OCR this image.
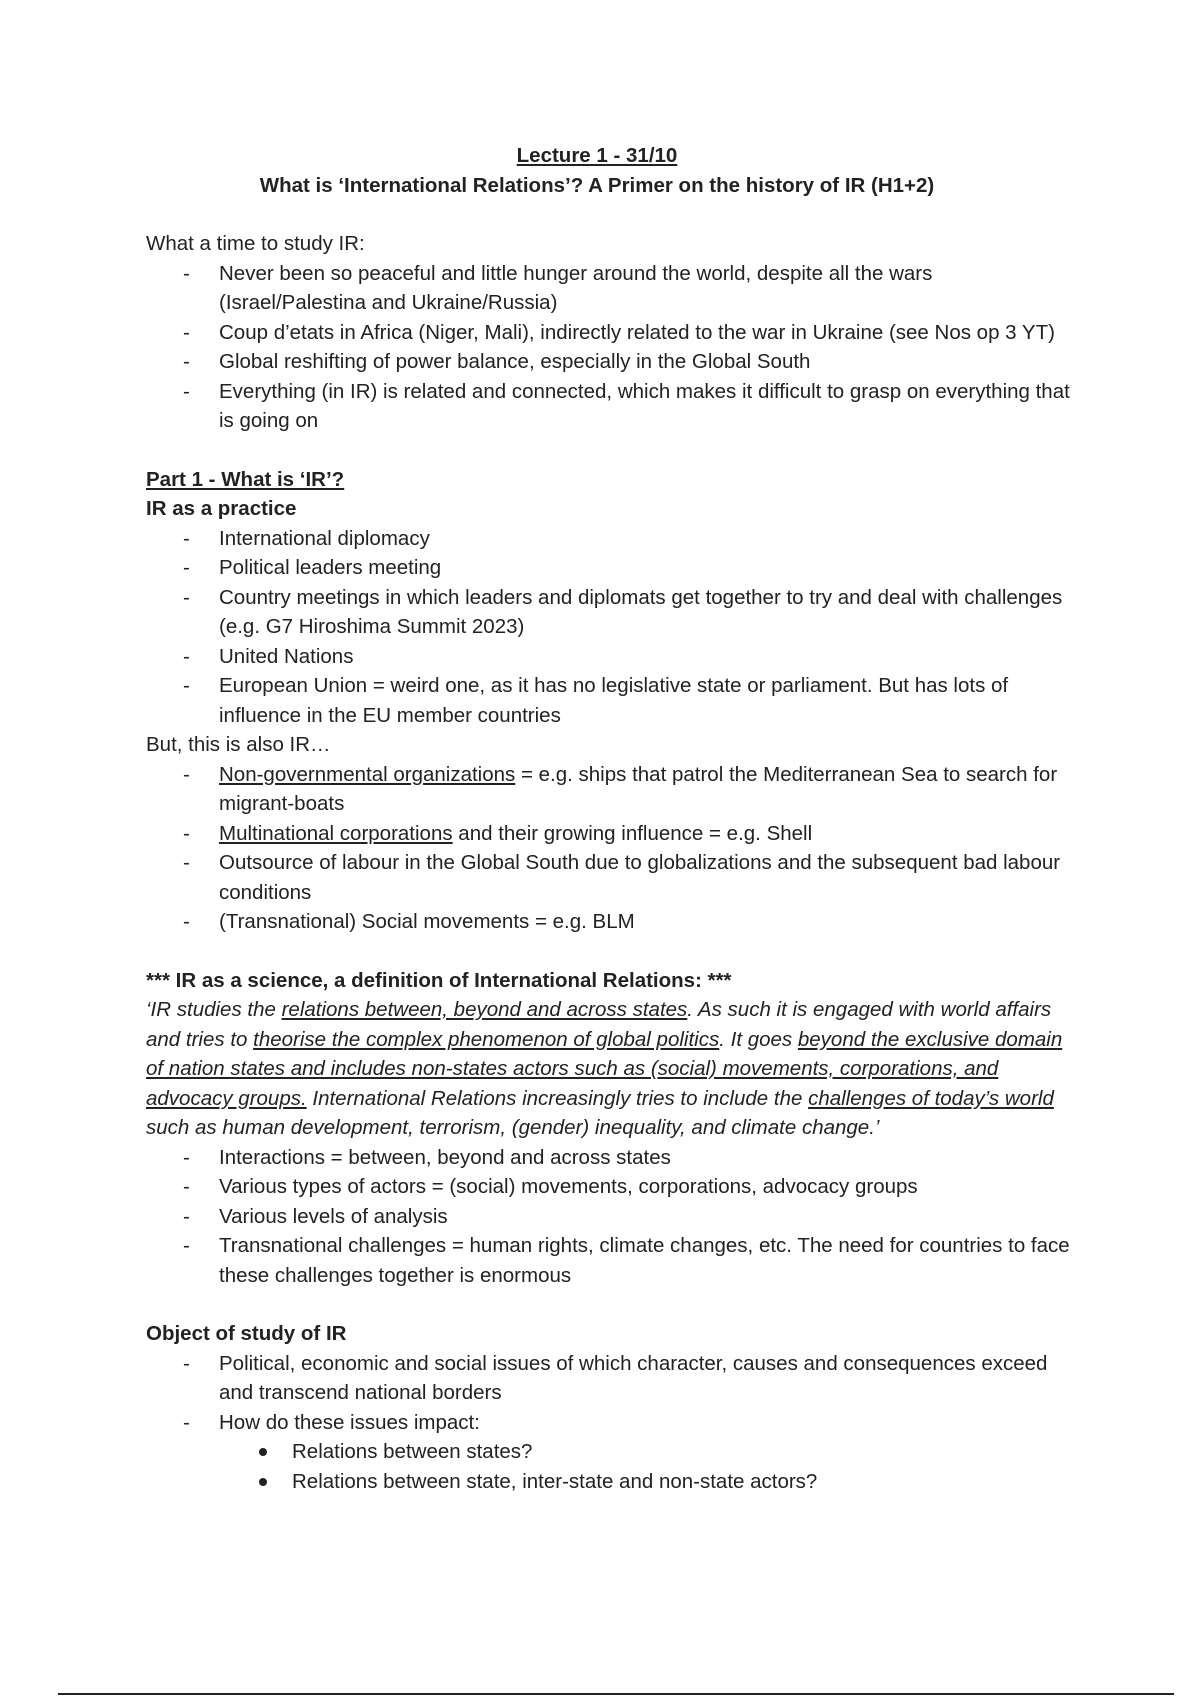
Lecture 1 - 31/10
What is ‘International Relations’? A Primer on the history of IR (H1+2)

What a time to study IR:

- Never been so peaceful and little hunger around the world, despite all the wars (Israel/Palestina and Ukraine/Russia)
- Coup d’etats in Africa (Niger, Mali), indirectly related to the war in Ukraine (see Nos op 3 YT)
- Global reshifting of power balance, especially in the Global South
- Everything (in IR) is related and connected, which makes it difficult to grasp on everything that is going on

Part 1 - What is ‘IR’?

IR as a practice

- International diplomacy
- Political leaders meeting
- Country meetings in which leaders and diplomats get together to try and deal with challenges (e.g. G7 Hiroshima Summit 2023)
- United Nations
- European Union = weird one, as it has no legislative state or parliament. But has lots of influence in the EU member countries

But, this is also IR…

- Non-governmental organizations = e.g. ships that patrol the Mediterranean Sea to search for migrant-boats
- Multinational corporations and their growing influence = e.g. Shell
- Outsource of labour in the Global South due to globalizations and the subsequent bad labour conditions
- (Transnational) Social movements = e.g. BLM

*** IR as a science, a definition of International Relations: ***

‘IR studies the relations between, beyond and across states. As such it is engaged with world affairs and tries to theorise the complex phenomenon of global politics. It goes beyond the exclusive domain of nation states and includes non-states actors such as (social) movements, corporations, and advocacy groups. International Relations increasingly tries to include the challenges of today’s world such as human development, terrorism, (gender) inequality, and climate change.’

- Interactions = between, beyond and across states
- Various types of actors = (social) movements, corporations, advocacy groups
- Various levels of analysis
- Transnational challenges = human rights, climate changes, etc. The need for countries to face these challenges together is enormous

Object of study of IR

- Political, economic and social issues of which character, causes and consequences exceed and transcend national borders
- How do these issues impact:
Relations between states?
Relations between state, inter-state and non-state actors?
